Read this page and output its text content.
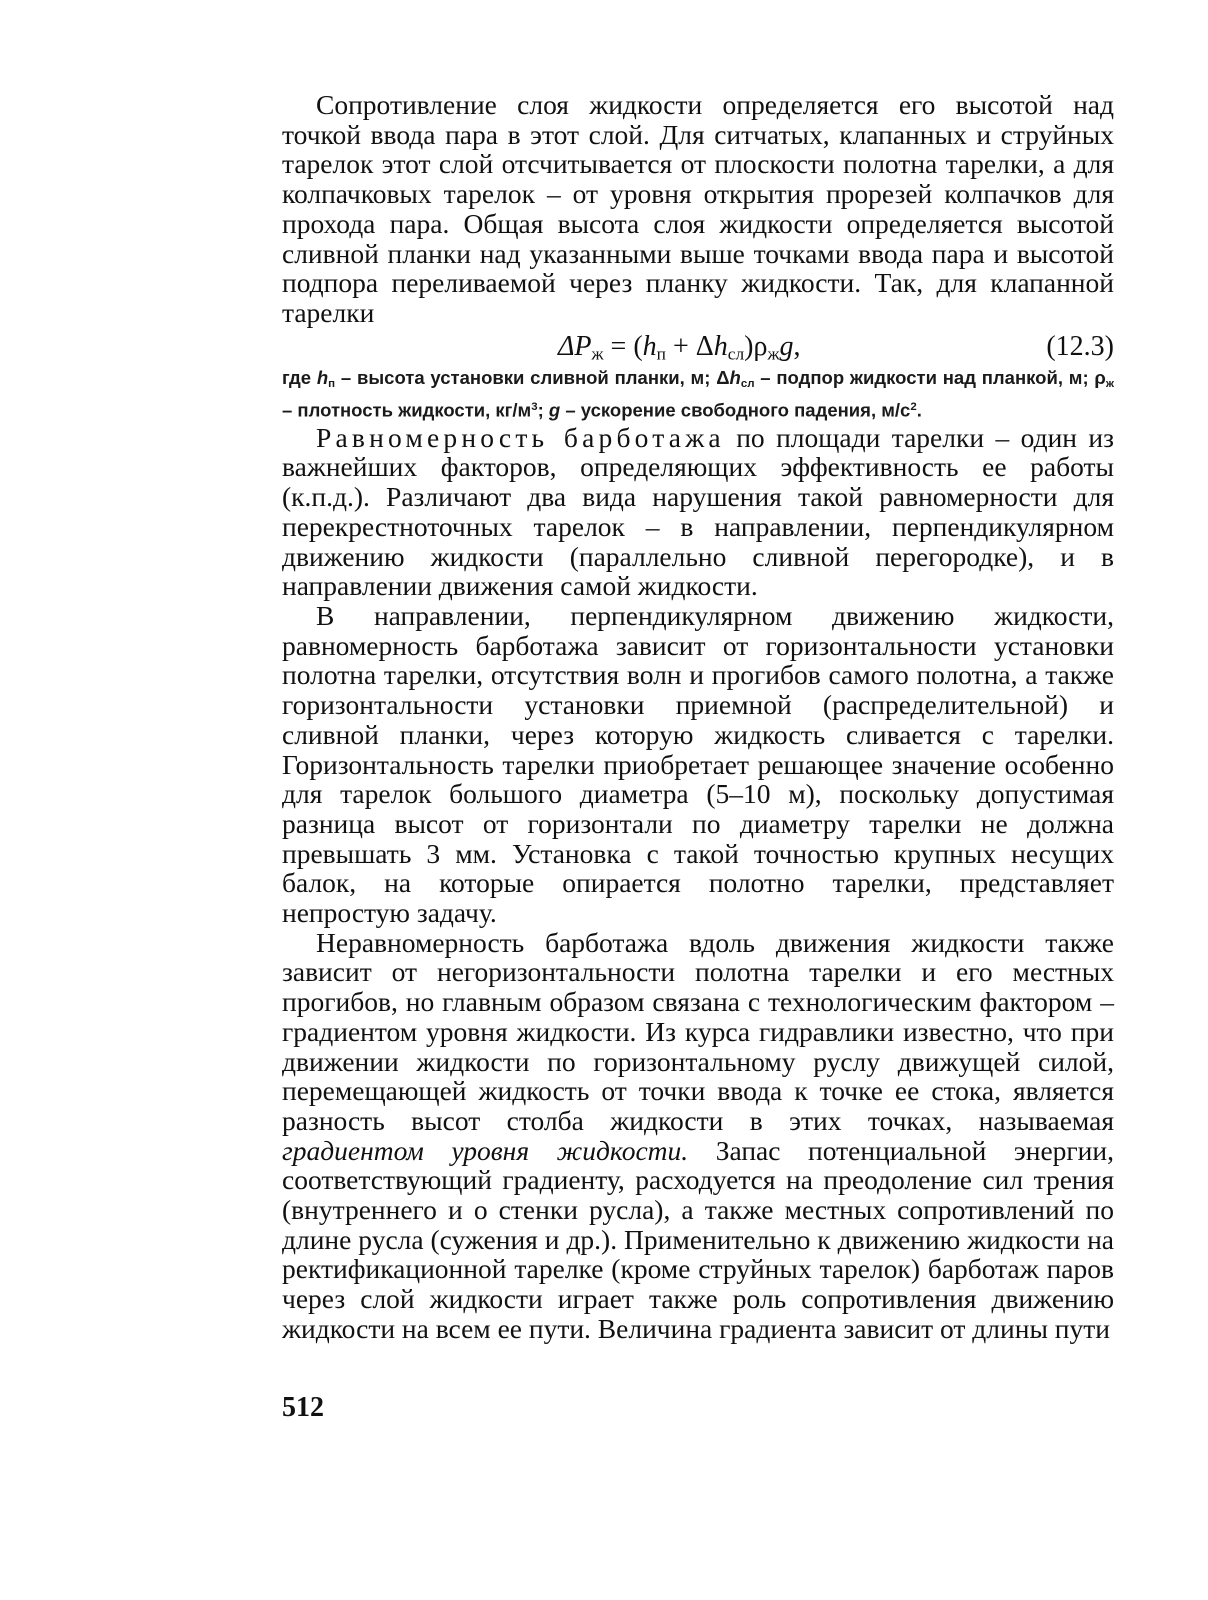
Сопротивление слоя жидкости определяется его высотой над точкой ввода пара в этот слой. Для ситчатых, клапанных и струйных тарелок этот слой отсчитывается от плоскости полотна тарелки, а для колпачковых тарелок – от уровня открытия прорезей колпачков для прохода пара. Общая высота слоя жидкости определяется высотой сливной планки над указанными выше точками ввода пара и высотой подпора переливаемой через планку жидкости. Так, для клапанной тарелки

$\Delta P_ж = (h_п + \Delta h_{сл})\rho_жg$,	(12.3)

где $h_п$ – высота установки сливной планки, м; $\Delta h_{сл}$ – подпор жидкости над планкой, м; $\rho_ж$ – плотность жидкости, $кг/м^3$; g – ускорение свободного падения, $м/с^2$.

Равномерность барботажа по площади тарелки – один из важнейших факторов, определяющих эффективность ее работы (к.п.д.). Различают два вида нарушения такой равномерности для перекрестноточных тарелок – в направлении, перпендикулярном движению жидкости (параллельно сливной перегородке), и в направлении движения самой жидкости.

В направлении, перпендикулярном движению жидкости, равномерность барботажа зависит от горизонтальности установки полотна тарелки, отсутствия волн и прогибов самого полотна, а также горизонтальности установки приемной (распределительной) и сливной планки, через которую жидкость сливается с тарелки. Горизонтальность тарелки приобретает решающее значение особенно для тарелок большого диаметра (5–10 м), поскольку допустимая разница высот от горизонтали по диаметру тарелки не должна превышать 3 мм. Установка с такой точностью крупных несущих балок, на которые опирается полотно тарелки, представляет непростую задачу.

Неравномерность барботажа вдоль движения жидкости также зависит от негоризонтальности полотна тарелки и его местных прогибов, но главным образом связана с технологическим фактором – градиентом уровня жидкости. Из курса гидравлики известно, что при движении жидкости по горизонтальному руслу движущей силой, перемещающей жидкость от точки ввода к точке ее стока, является разность высот столба жидкости в этих точках, называемая градиентом уровня жидкости. Запас потенциальной энергии, соответствующий градиенту, расходуется на преодоление сил трения (внутреннего и о стенки русла), а также местных сопротивлений по длине русла (сужения и др.). Применительно к движению жидкости на ректификационной тарелке (кроме струйных тарелок) барботаж паров через слой жидкости играет также роль сопротивления движению жидкости на всем ее пути. Величина градиента зависит от длины пути

512
